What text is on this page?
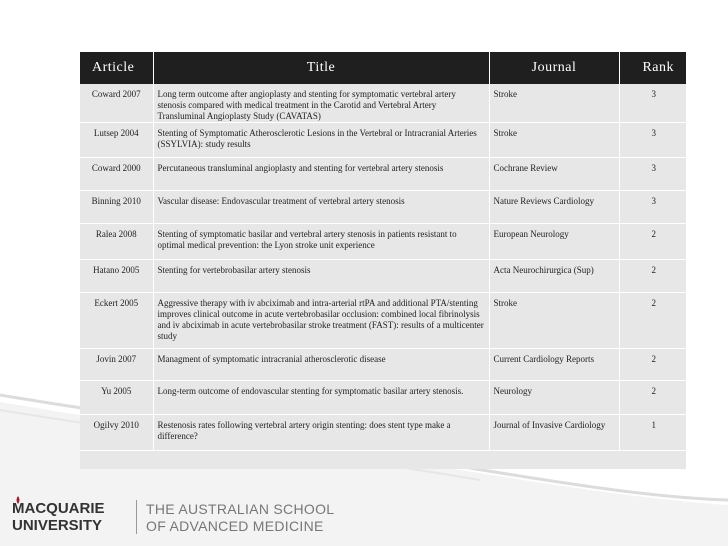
Article	Title	Journal	Rank
Coward 2007	Long term outcome after angioplasty and stenting for symptomatic vertebral artery stenosis compared with medical treatment in the Carotid and Vertebral Artery Transluminal Angioplasty Study (CAVATAS)	Stroke	3
Lutsep 2004	Stenting of Symptomatic Atherosclerotic Lesions in the Vertebral or Intracranial Arteries (SSYLVIA): study results	Stroke	3
Coward 2000	Percutaneous transluminal angioplasty and stenting for vertebral artery stenosis	Cochrane Review	3
Binning 2010	Vascular disease: Endovascular treatment of vertebral artery stenosis	Nature Reviews Cardiology	3
Ralea 2008	Stenting of symptomatic basilar and vertebral artery stenosis in patients resistant to optimal medical prevention: the Lyon stroke unit experience	European Neurology	2
Hatano 2005	Stenting for vertebrobasilar artery stenosis	Acta Neurochirurgica (Sup)	2
Eckert 2005	Aggressive therapy with iv abciximab and intra-arterial rtPA and additional PTA/stenting improves clinical outcome in acute vertebrobasilar occlusion: combined local fibrinolysis and iv abciximab in acute vertebrobasilar stroke treatment (FAST): results of a multicenter study	Stroke	2
Jovin 2007	Managment of symptomatic intracranial atherosclerotic disease	Current Cardiology Reports	2
Yu 2005	Long-term outcome of endovascular stenting for symptomatic basilar artery stenosis.	Neurology	2
Ogilvy 2010	Restenosis rates following vertebral artery origin stenting: does stent type make a difference?	Journal of Invasive Cardiology	1
MACQUARIE
UNIVERSITY
THE AUSTRALIAN SCHOOL
OF ADVANCED MEDICINE
